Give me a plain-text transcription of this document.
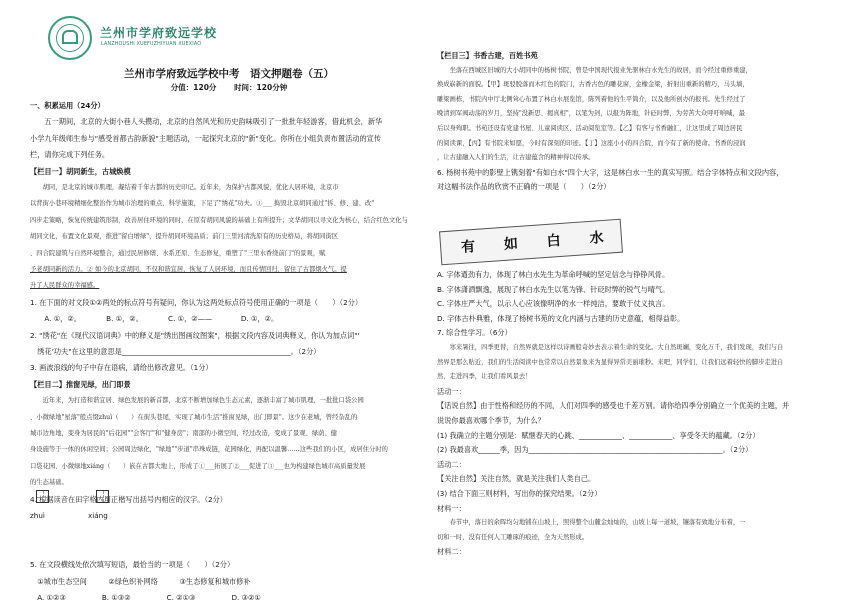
兰州市学府致远学校
LANZHOUSHI XUEFUZHIYUAN XUEXIAO
兰州市学府致远学校中考　语文押题卷（五）
分值：120分　　 时间：120分钟
一、积累运用（24分）
　　五一期间，北京的大街小巷人头攒动，北京的自然风光和历史韵味吸引了一批批年轻游客，借此机会，新华
小学九年级师生参与"感受首都古韵新貌"主题活动，一起探究北京的"新"变化。你所在小组负责布置活动的宣传
栏，请你完成下列任务。
【栏目一】胡同新生，古城焕模
　　胡同，是北京的城市肌理，凝结着千年古都的历史印记。近年来，为保护古都风貌，优化人居环境，北京市
以背街小巷环境精细化整治作为城市治理的重点，科学施策，下足了"绣花"功夫。①___ 捣毁北京胡同通过"拆、修、建、改"
四步走策略，恢复传统建筑形制，改善居住环境的同时，在原有胡同风貌的基础上有所提升；文华胡同以寻文化为核心，结合红色文化与
胡同文化，布置文化景观，推进"留白增绿"，提升胡同环境品质；前门三里河清洗原有的历史格局，将胡同街区
、四合院建筑与自然环境整合，通过民居修缮、水系还原、生态修复，重塑了"三里水香绕前门"的景观，赋
予老胡同新的活力。② 如今的北京胡同，不仅和谐宜居，恢复了人居环境，而且传情回归，留住了古都烟火气。提
升了人民群众的幸福感。
1. 在下面的对文段①②两处的标点符号有疑问，你认为这两处标点符号使用正确的一项是（　　）（2分）
　　A. ①，②。　　　　B. ①，②。　　　　C. ①，②——　　　　D. ①，②。
2. "绣花"在《现代汉语词典》中的释义是"绣出图画纹图案"，根据文段内容及词典释义，你认为加点词"‘
　绣花’功夫"在这里的意思是_______________________________________________。（2分）
3. 画波浪线的句子中存在语病，请给出修改意见。（1分）
【栏目二】推窗见绿，出门即景
　　近年来，为打造和谐宜居、绿色发展的新首都，北京不断增加绿色生态元素，逐渐丰富了城市肌理，一批批口袋公园
、小微绿地"星落"般点缀zhuì（　　）在街头巷尾，实现了城市生活"推窗见绿，出门即景"。这少在老城，曾经杂乱的
城市边角地，变身为居民的"后花园""会客厅"和"健身房"；南部的小微空间，经过改造，变成了景观、绿荫、健
身设施等于一体的休闲空间；公园周边绿化，"绿地""步道"串珠成链，花园绿化，再配以温馨……这些我们的小区，成居住分时的
口袋花园、小微绿地xiáng（　　）嵌在古都大地上，形成了①___拓展了②___促进了③___也为构建绿色城市高质量发展
的生态基础。
4. 根据读音在田字格内用正楷写出括号内相应的汉字。（2分）
zhuì　　　　　　xiáng
5. 在文段横线处依次填写短语，最恰当的一项是（　　）（2分）
　①城市生态空间　　　②绿色织补网络　　　③生态修复和城市修补
　A. ①②③　　　　　B. ①③②　　　　　C. ②①③　　　　　D. ③②①
【栏目三】书香古建，百姓书苑
　　坐落在西城区旧城的大小胡同中的杨树书院，曾是中国现代报业先驱林白水先生的故居，而今经过重修重建，
焕成崭新的面貌。【甲】斑驳脱落而木红色的院门，古香古色的雕花窗，金橡金梁，折射出重新的精巧，马头墙，
雕梁画栋，书院内中厅北侧耸心布置了林白水展览馆，陈列着他的生平简介，以及他所创办的报刊。先生经过了
晚清到军阀动荡的岁月，坚持"没新思、揭真相"，以笔为剑，以报为阵地，针砭时弊，为劳苦大众呼吁呐喊，最
后以身殉职。书苑还设有党建书屋、儿童阅读区、活动阅览室等。【乙】有客与书香融汇，让这里成了周边居民
的阅读课，【丙】有书院来如愿，今时有深刻的印迹。【丁】这座小小的四合院，而今有了新的使命。书香的浸润
，让古建融入人们的生活，让古建蕴含的精神得以传承。
6. 杨树书苑中的影壁上镌刻着"有如白水"四个大字，这是林白水一生的真实写照。结合字体特点和文段内容，
对这幅书法作品的欣赏不正确的一项是（　　）（2分）
A. 字体遒劲有力，体现了林白水先生为革命呼喊的坚定信念与铮铮风骨。
B. 字体潇洒飘逸，展现了林白水先生以笔为锋、针砭时弊的锐气与晴气。
C. 字体庄严大气，以示人心应该像明净的水一样纯洁，要敢于仗义执言。
D. 字体古朴典雅，体现了杨树书苑的文化内涵与古建的历史意蕴，相得益彰。
7. 综合性学习。（6分）
　　寒来暑往，四季更替，自然界就是这样以诗画般奇妙去表示着生命的变化。大自然斑斓，变化万千，我们发现，我们与自
然界是那么贴近，我们的生活阅读中也常常以自然景象来为显得异常美丽璀秒。来吧，同学们，让我们远着轻快的脚步走进自
然，走进四季，让我们看风景去！
活动一：
【话说自然】由于性格和经历的不同，人们对四季的感受也千差万别。请你给四季分别确立一个优美的主题，并
说说你最喜欢哪个季节，为什么？
(1) 我确立的主题分别是：赋惬春天的心跳、____________、____________、享受冬天的蕴藏。（2分）
(2) 我最喜欢______季，因为______________________________________________________。（2分）
活动二：
【关注自然】关注自然，就是关注我们人类自己。
(3) 结合下面三则材料，写出你的探究结果。（2分）
材料一：
　　春节中，落日的余晖均匀地铺在山坡上，照得整个山麓金灿灿的，山坡上每一道坡，镶落有致地分布着，一
切和一时，没有任何人工雕琢的痕迹，全为天然形成。
材料二：
有 如 白 水
